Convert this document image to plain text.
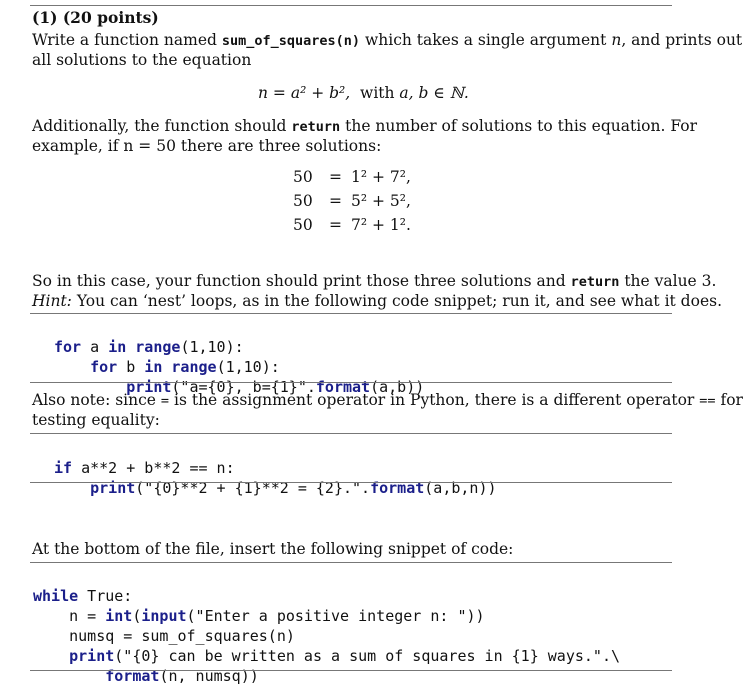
(1) (20 points)
Write a function named sum_of_squares(n) which takes a single argument n, and prints out
all solutions to the equation
n = a² + b², with a, b ∈ ℕ.
Additionally, the function should return the number of solutions to this equation. For
example, if n = 50 there are three solutions:
50 = 1² + 7²,
50 = 5² + 5²,
50 = 7² + 1².
So in this case, your function should print those three solutions and return the value 3.
Hint: You can ‘nest’ loops, as in the following code snippet; run it, and see what it does.

for a in range(1,10):
for b in range(1,10):
print("a={0}, b={1}".format(a,b))
Also note: since = is the assignment operator in Python, there is a different operator == for
testing equality:

if a**2 + b**2 == n:
print("{0}**2 + {1}**2 = {2}.".format(a,b,n))
At the bottom of the file, insert the following snippet of code:

while True:
n = int(input("Enter a positive integer n: "))
numsq = sum_of_squares(n)
print("{0} can be written as a sum of squares in {1} ways.".\
format(n, numsq))
